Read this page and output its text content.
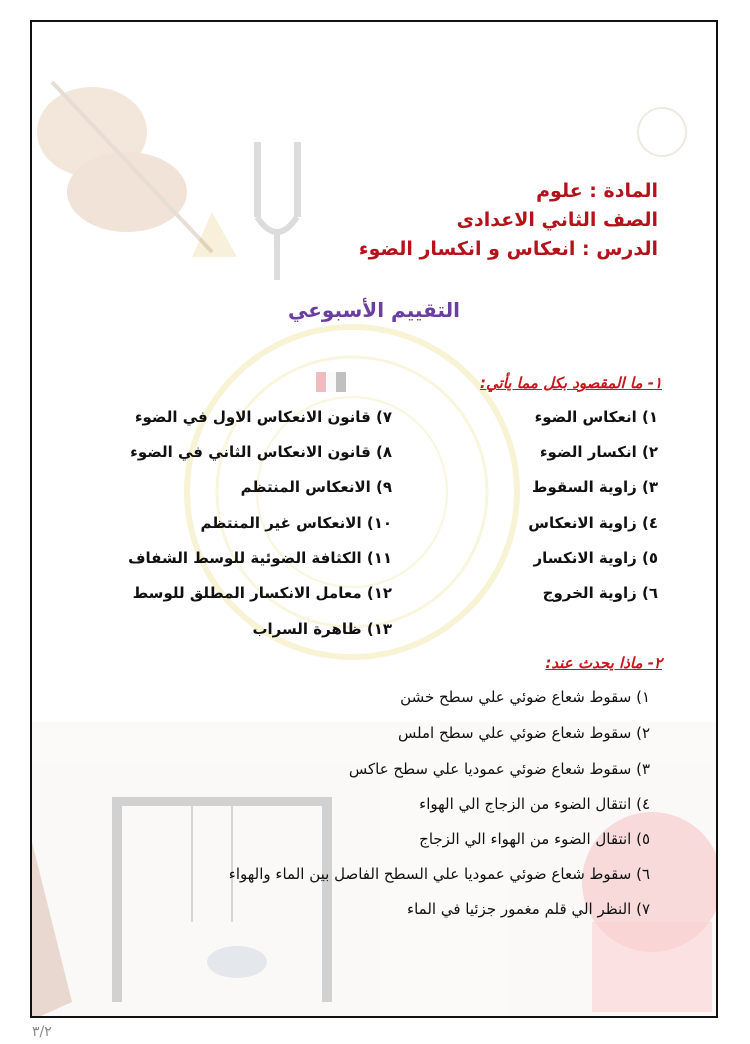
المادة : علوم
الصف الثاني الاعدادى
الدرس : انعكاس و انكسار الضوء
التقييم الأسبوعي
١- ما المقصود بكل مما يأتي:
١) انعكاس الضوء
٢) انكسار الضوء
٣) زاوية السقوط
٤) زاوية الانعكاس
٥) زاوية الانكسار
٦) زاوية الخروج
٧) قانون الانعكاس الاول في الضوء
٨) قانون الانعكاس الثاني في الضوء
٩) الانعكاس المنتظم
١٠) الانعكاس غير المنتظم
١١) الكثافة الضوئية للوسط الشفاف
١٢) معامل الانكسار المطلق للوسط
١٣) ظاهرة السراب
٢- ماذا يحدث عند:
١) سقوط شعاع ضوئي علي سطح خشن
٢) سقوط شعاع ضوئي علي سطح املس
٣) سقوط شعاع ضوئي عموديا علي سطح عاكس
٤) انتقال الضوء من الزجاج الي الهواء
٥) انتقال الضوء من الهواء الي الزجاج
٦) سقوط شعاع ضوئي عموديا علي السطح الفاصل بين الماء والهواء
٧) النظر الي قلم مغمور جزئيا في الماء
٣/٢
